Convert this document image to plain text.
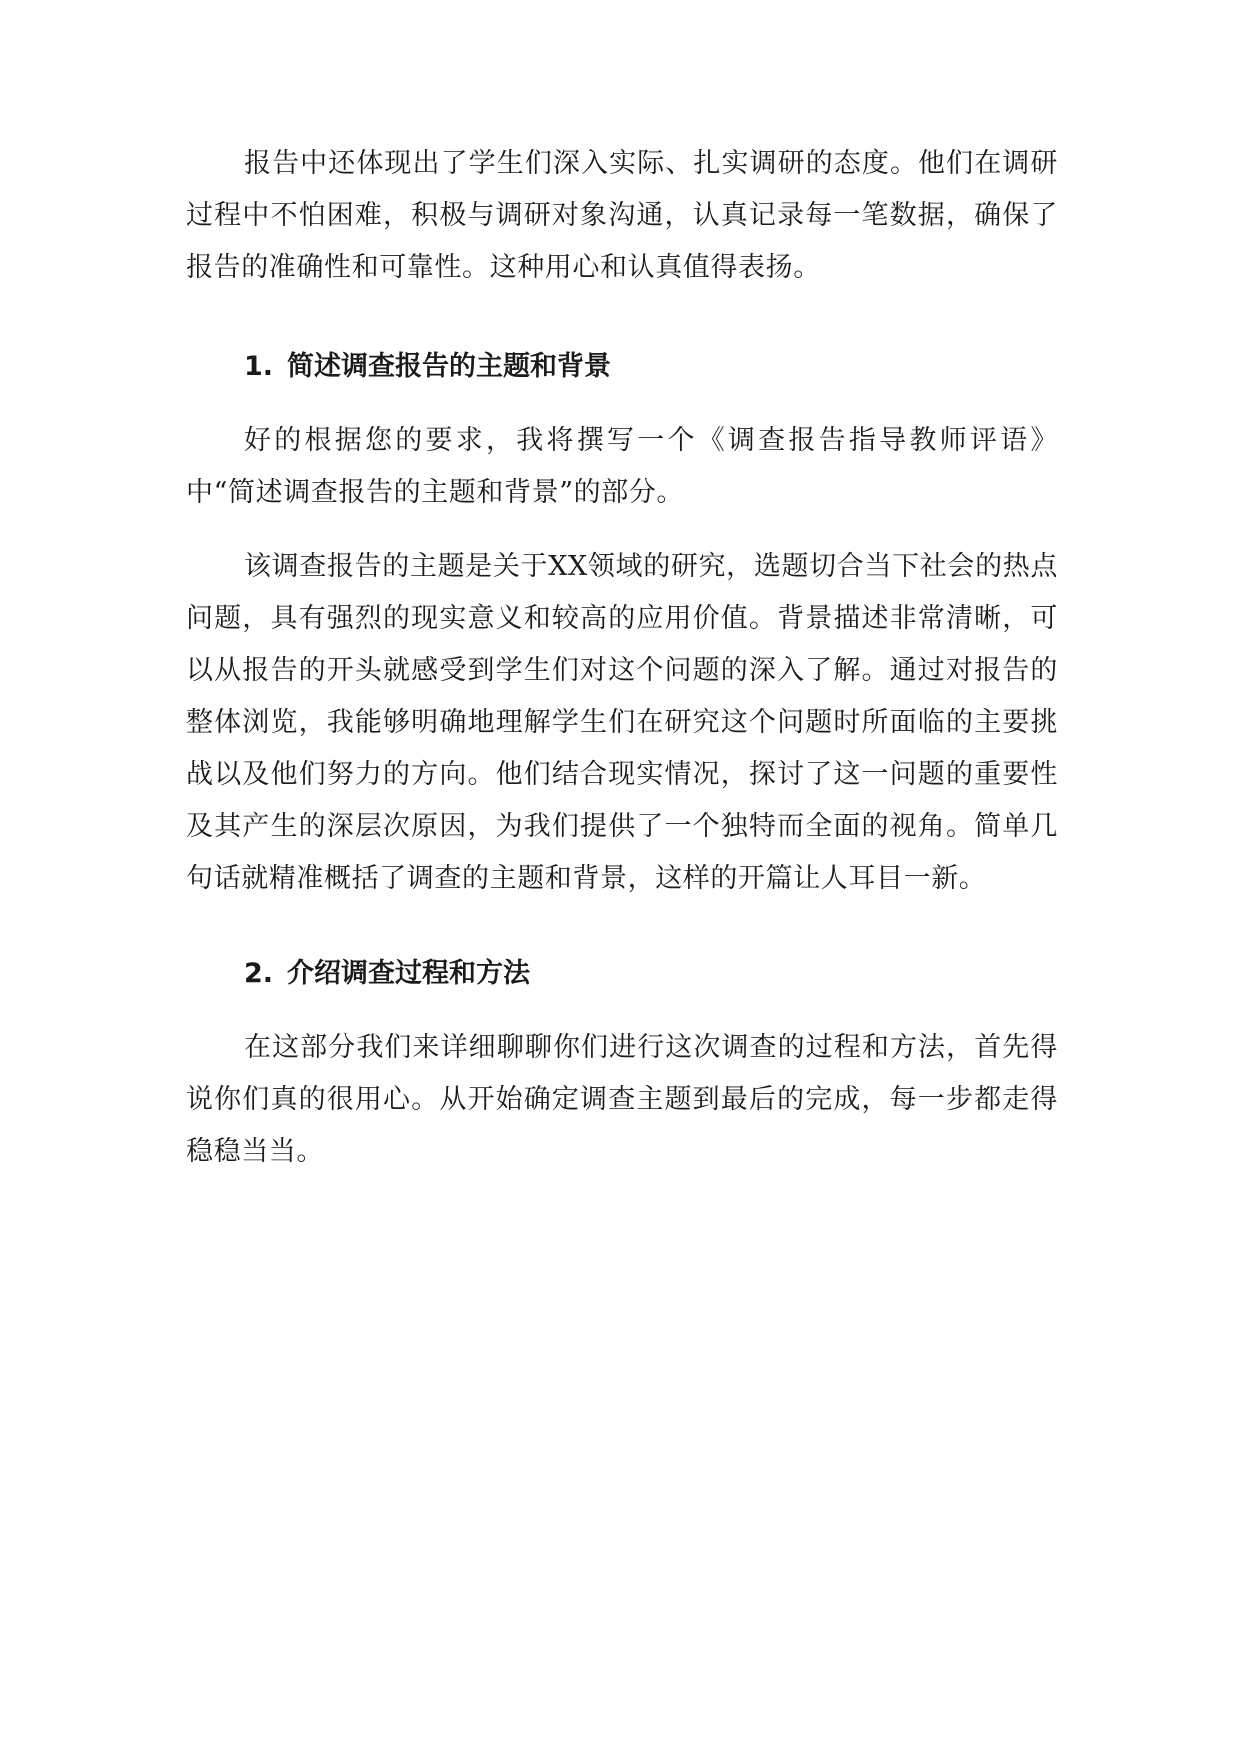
报告中还体现出了学生们深入实际、扎实调研的态度。他们在调研过程中不怕困难，积极与调研对象沟通，认真记录每一笔数据，确保了报告的准确性和可靠性。这种用心和认真值得表扬。

1. 简述调查报告的主题和背景

好的根据您的要求，我将撰写一个《调查报告指导教师评语》中“简述调查报告的主题和背景”的部分。

该调查报告的主题是关于XX领域的研究，选题切合当下社会的热点问题，具有强烈的现实意义和较高的应用价值。背景描述非常清晰，可以从报告的开头就感受到学生们对这个问题的深入了解。通过对报告的整体浏览，我能够明确地理解学生们在研究这个问题时所面临的主要挑战以及他们努力的方向。他们结合现实情况，探讨了这一问题的重要性及其产生的深层次原因，为我们提供了一个独特而全面的视角。简单几句话就精准概括了调查的主题和背景，这样的开篇让人耳目一新。

2. 介绍调查过程和方法

在这部分我们来详细聊聊你们进行这次调查的过程和方法，首先得说你们真的很用心。从开始确定调查主题到最后的完成，每一步都走得稳稳当当。
